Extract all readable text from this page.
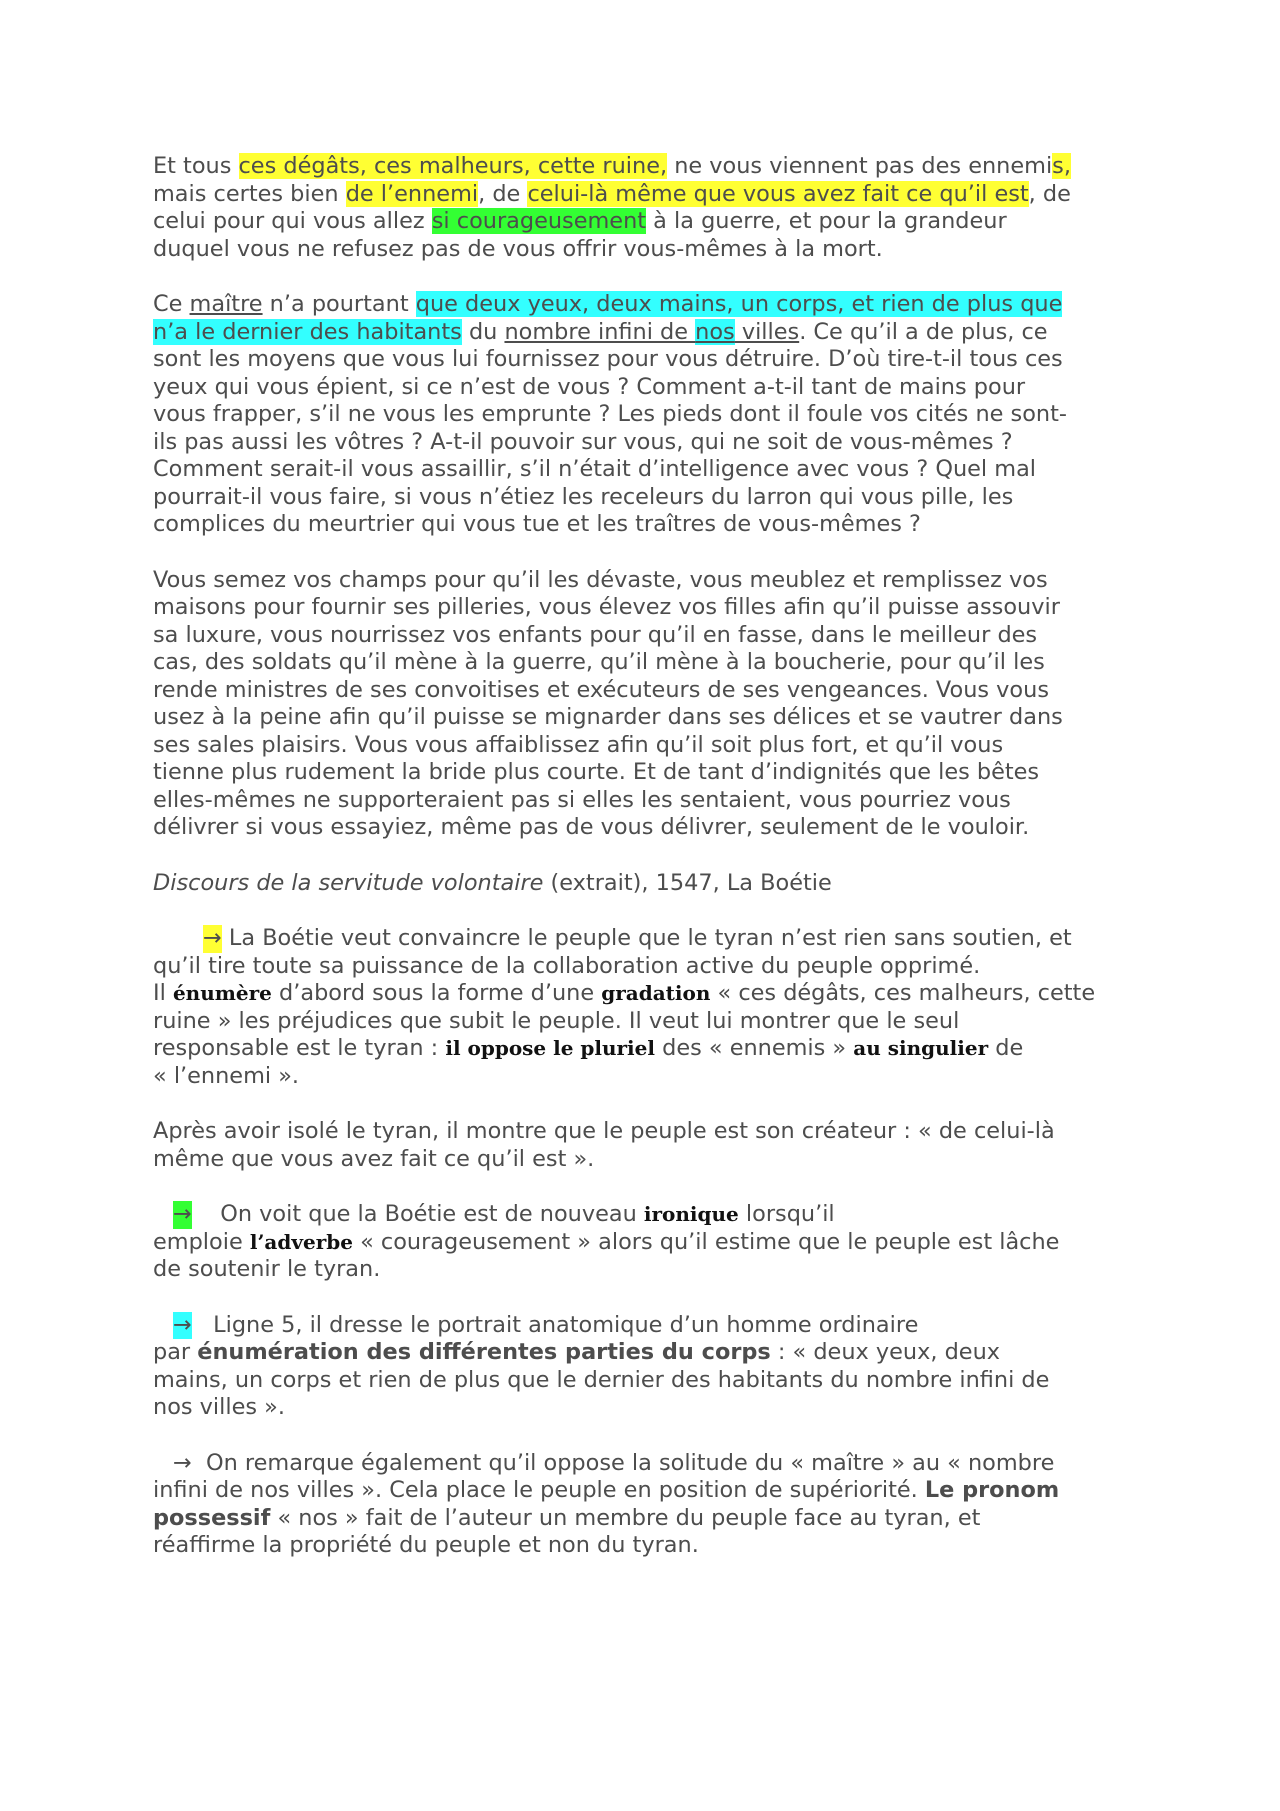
Et tous ces dégâts, ces malheurs, cette ruine, ne vous viennent pas des ennemis,
mais certes bien de l’ennemi, de celui-là même que vous avez fait ce qu’il est, de
celui pour qui vous allez si courageusement à la guerre, et pour la grandeur
duquel vous ne refusez pas de vous offrir vous-mêmes à la mort.

Ce maître n’a pourtant que deux yeux, deux mains, un corps, et rien de plus que
n’a le dernier des habitants du nombre infini de nos villes. Ce qu’il a de plus, ce
sont les moyens que vous lui fournissez pour vous détruire. D’où tire-t-il tous ces
yeux qui vous épient, si ce n’est de vous ? Comment a-t-il tant de mains pour
vous frapper, s’il ne vous les emprunte ? Les pieds dont il foule vos cités ne sont-
ils pas aussi les vôtres ? A-t-il pouvoir sur vous, qui ne soit de vous-mêmes ?
Comment serait-il vous assaillir, s’il n’était d’intelligence avec vous ? Quel mal
pourrait-il vous faire, si vous n’étiez les receleurs du larron qui vous pille, les
complices du meurtrier qui vous tue et les traîtres de vous-mêmes ?

Vous semez vos champs pour qu’il les dévaste, vous meublez et remplissez vos
maisons pour fournir ses pilleries, vous élevez vos filles afin qu’il puisse assouvir
sa luxure, vous nourrissez vos enfants pour qu’il en fasse, dans le meilleur des
cas, des soldats qu’il mène à la guerre, qu’il mène à la boucherie, pour qu’il les
rende ministres de ses convoitises et exécuteurs de ses vengeances. Vous vous
usez à la peine afin qu’il puisse se mignarder dans ses délices et se vautrer dans
ses sales plaisirs. Vous vous affaiblissez afin qu’il soit plus fort, et qu’il vous
tienne plus rudement la bride plus courte. Et de tant d’indignités que les bêtes
elles-mêmes ne supporteraient pas si elles les sentaient, vous pourriez vous
délivrer si vous essayiez, même pas de vous délivrer, seulement de le vouloir.

Discours de la servitude volontaire (extrait), 1547, La Boétie

→ La Boétie veut convaincre le peuple que le tyran n’est rien sans soutien, et
qu’il tire toute sa puissance de la collaboration active du peuple opprimé.
Il énumère d’abord sous la forme d’une gradation « ces dégâts, ces malheurs, cette
ruine » les préjudices que subit le peuple. Il veut lui montrer que le seul
responsable est le tyran : il oppose le pluriel des « ennemis » au singulier de
« l’ennemi ».

Après avoir isolé le tyran, il montre que le peuple est son créateur : « de celui-là
même que vous avez fait ce qu’il est ».

→    On voit que la Boétie est de nouveau ironique lorsqu’il
emploie l’adverbe « courageusement » alors qu’il estime que le peuple est lâche
de soutenir le tyran.

→   Ligne 5, il dresse le portrait anatomique d’un homme ordinaire
par énumération des différentes parties du corps : « deux yeux, deux
mains, un corps et rien de plus que le dernier des habitants du nombre infini de
nos villes ».

→  On remarque également qu’il oppose la solitude du « maître » au « nombre
infini de nos villes ». Cela place le peuple en position de supériorité. Le pronom
possessif « nos » fait de l’auteur un membre du peuple face au tyran, et
réaffirme la propriété du peuple et non du tyran.
